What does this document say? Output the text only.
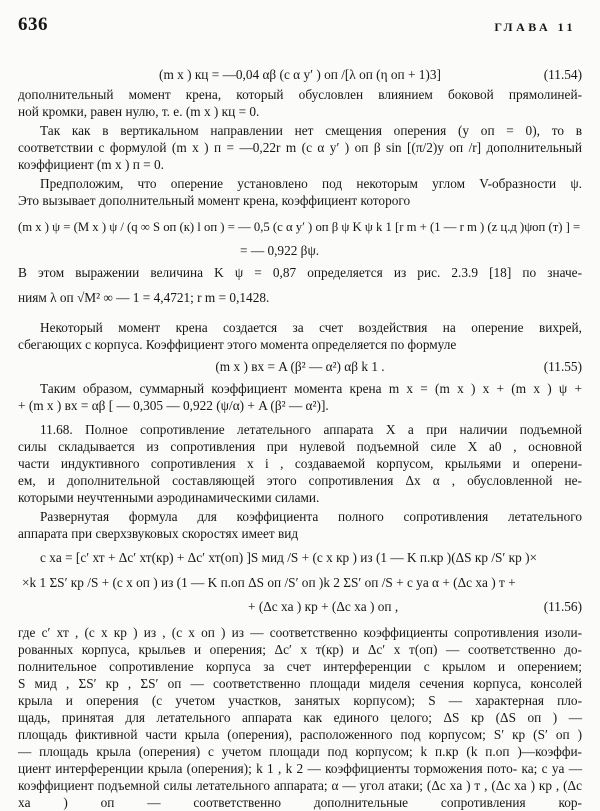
636	ГЛАВА 11
(m x ) кц = —0,04 αβ (c α y′ ) оп /[λ оп (η оп + 1)3]	(11.54)
дополнительный момент крена, который обусловлен влиянием боковой прямолиней-
ной кромки, равен нулю, т. е. (m x ) кц = 0.
Так как в вертикальном направлении нет смещения оперения (y оп = 0), то в
соответствии с формулой (m x ) п = —0,22r m (c α y′ ) оп β sin [(π/2)y оп /r] дополнительный
коэффициент (m x ) п = 0.
Предположим, что оперение установлено под некоторым углом V-образности ψ.
Это вызывает дополнительный момент крена, коэффициент которого
(m x ) ψ = (M x ) ψ / (q ∞ S оп (к) l оп ) = — 0,5 (c α y′ ) оп β ψ K ψ k 1 [r m + (1 — r m ) (z ц.д )ψоп (т) ] =
= — 0,922 βψ.
В этом выражении величина K ψ = 0,87 определяется из рис. 2.3.9 [18] по значе-
ниям λ оп √M² ∞ — 1 = 4,4721; r m = 0,1428.
Некоторый момент крена создается за счет воздействия на оперение вихрей,
сбегающих с корпуса. Коэффициент этого момента определяется по формуле
(m x ) вх = A (β² — α²) αβ k 1 .	(11.55)
Таким образом, суммарный коэффициент момента крена m x = (m x ) x + (m x ) ψ +
+ (m x ) вх = αβ [ — 0,305 — 0,922 (ψ/α) + A (β² — α²)].
11.68. Полное сопротивление летательного аппарата X a при наличии подъемной
силы складывается из сопротивления при нулевой подъемной силе X a0 , основной
части индуктивного сопротивления x i , создаваемой корпусом, крыльями и оперени-
ем, и дополнительной составляющей этого сопротивления Δx α , обусловленной не-
которыми неучтенными аэродинамическими силами.
Развернутая формула для коэффициента полного сопротивления летательного
аппарата при сверхзвуковых скоростях имеет вид
c xa = [c′ хт + Δc′ хт(кр) + Δc′ хт(оп) ]S мид /S + (c x кр ) из (1 — K п.кр )(ΔS кр /S′ кр )×
×k 1 ΣS′ кр /S + (c x оп ) из (1 — K п.оп ΔS оп /S′ оп )k 2 ΣS′ оп /S + c ya α + (Δc xa ) т +
+ (Δc xa ) кр + (Δc xa ) оп ,	(11.56)
где c′ хт , (c x кр ) из , (c x оп ) из — соответственно коэффициенты сопротивления изоли-
рованных корпуса, крыльев и оперения; Δc′ x т(кр) и Δc′ x т(оп) — соответственно до-
полнительное сопротивление корпуса за счет интерференции с крылом и оперением;
S мид , ΣS′ кр , ΣS′ оп — соответственно площади миделя сечения корпуса, консолей
крыла и оперения (с учетом участков, занятых корпусом); S — характерная пло-
щадь, принятая для летательного аппарата как единого целого; ΔS кр (ΔS оп ) —
площадь фиктивной части крыла (оперения), расположенного под корпусом; S′ кр (S′ оп )
— площадь крыла (оперения) с учетом площади под корпусом; k п.кр (k п.оп )—коэффи-
циент интерференции крыла (оперения); k 1 , k 2 — коэффициенты торможения пото- ка; c ya — коэффициент подъемной силы летательного аппарата; α — угол атаки; (Δc xa ) т , (Δc xa ) кр , (Δc xa ) оп — соответственно дополнительные сопротивления кор-
